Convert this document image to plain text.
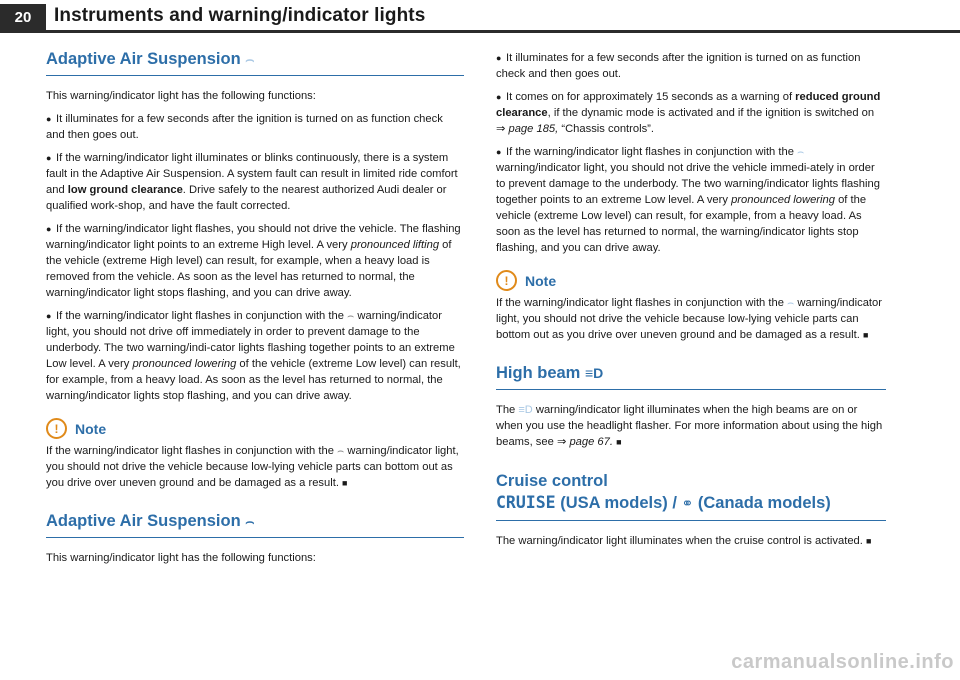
20	Instruments and warning/indicator lights
Adaptive Air Suspension ⌢

This warning/indicator light has the following functions:

● It illuminates for a few seconds after the ignition is turned on as function check and then goes out.

● If the warning/indicator light illuminates or blinks continuously, there is a system fault in the Adaptive Air Suspension. A system fault can result in limited ride comfort and low ground clearance. Drive safely to the nearest authorized Audi dealer or qualified work-shop, and have the fault corrected.

● If the warning/indicator light flashes, you should not drive the vehicle. The flashing warning/indicator light points to an extreme High level. A very pronounced lifting of the vehicle (extreme High level) can result, for example, when a heavy load is removed from the vehicle. As soon as the level has returned to normal, the warning/indicator light stops flashing, and you can drive away.

● If the warning/indicator light flashes in conjunction with the ⌢ warning/indicator light, you should not drive off immediately in order to prevent damage to the underbody. The two warning/indi-cator lights flashing together points to an extreme Low level. A very pronounced lowering of the vehicle (extreme Low level) can result, for example, from a heavy load. As soon as the level has returned to normal, the warning/indicator lights stop flashing, and you can drive away.

!	Note

If the warning/indicator light flashes in conjunction with the ⌢ warning/indicator light, you should not drive the vehicle because low-lying vehicle parts can bottom out as you drive over uneven ground and be damaged as a result. ■

Adaptive Air Suspension ⌢

This warning/indicator light has the following functions:

● It illuminates for a few seconds after the ignition is turned on as function check and then goes out.

● It comes on for approximately 15 seconds as a warning of reduced ground clearance, if the dynamic mode is activated and if the ignition is switched on ⇒ page 185, “Chassis controls”.

● If the warning/indicator light flashes in conjunction with the ⌢ warning/indicator light, you should not drive the vehicle immedi-ately in order to prevent damage to the underbody. The two warning/indicator lights flashing together points to an extreme Low level. A very pronounced lowering of the vehicle (extreme Low level) can result, for example, from a heavy load. As soon as the level has returned to normal, the warning/indicator lights stop flashing, and you can drive away.

!	Note

If the warning/indicator light flashes in conjunction with the ⌢ warning/indicator light, you should not drive the vehicle because low-lying vehicle parts can bottom out as you drive over uneven ground and be damaged as a result. ■

High beam ≡D

The ≡D warning/indicator light illuminates when the high beams are on or when you use the headlight flasher. For more information about using the high beams, see ⇒ page 67. ■

Cruise control
CRUISE (USA models) / ⚭ (Canada models)

The warning/indicator light illuminates when the cruise control is activated. ■

carmanualsonline.info
